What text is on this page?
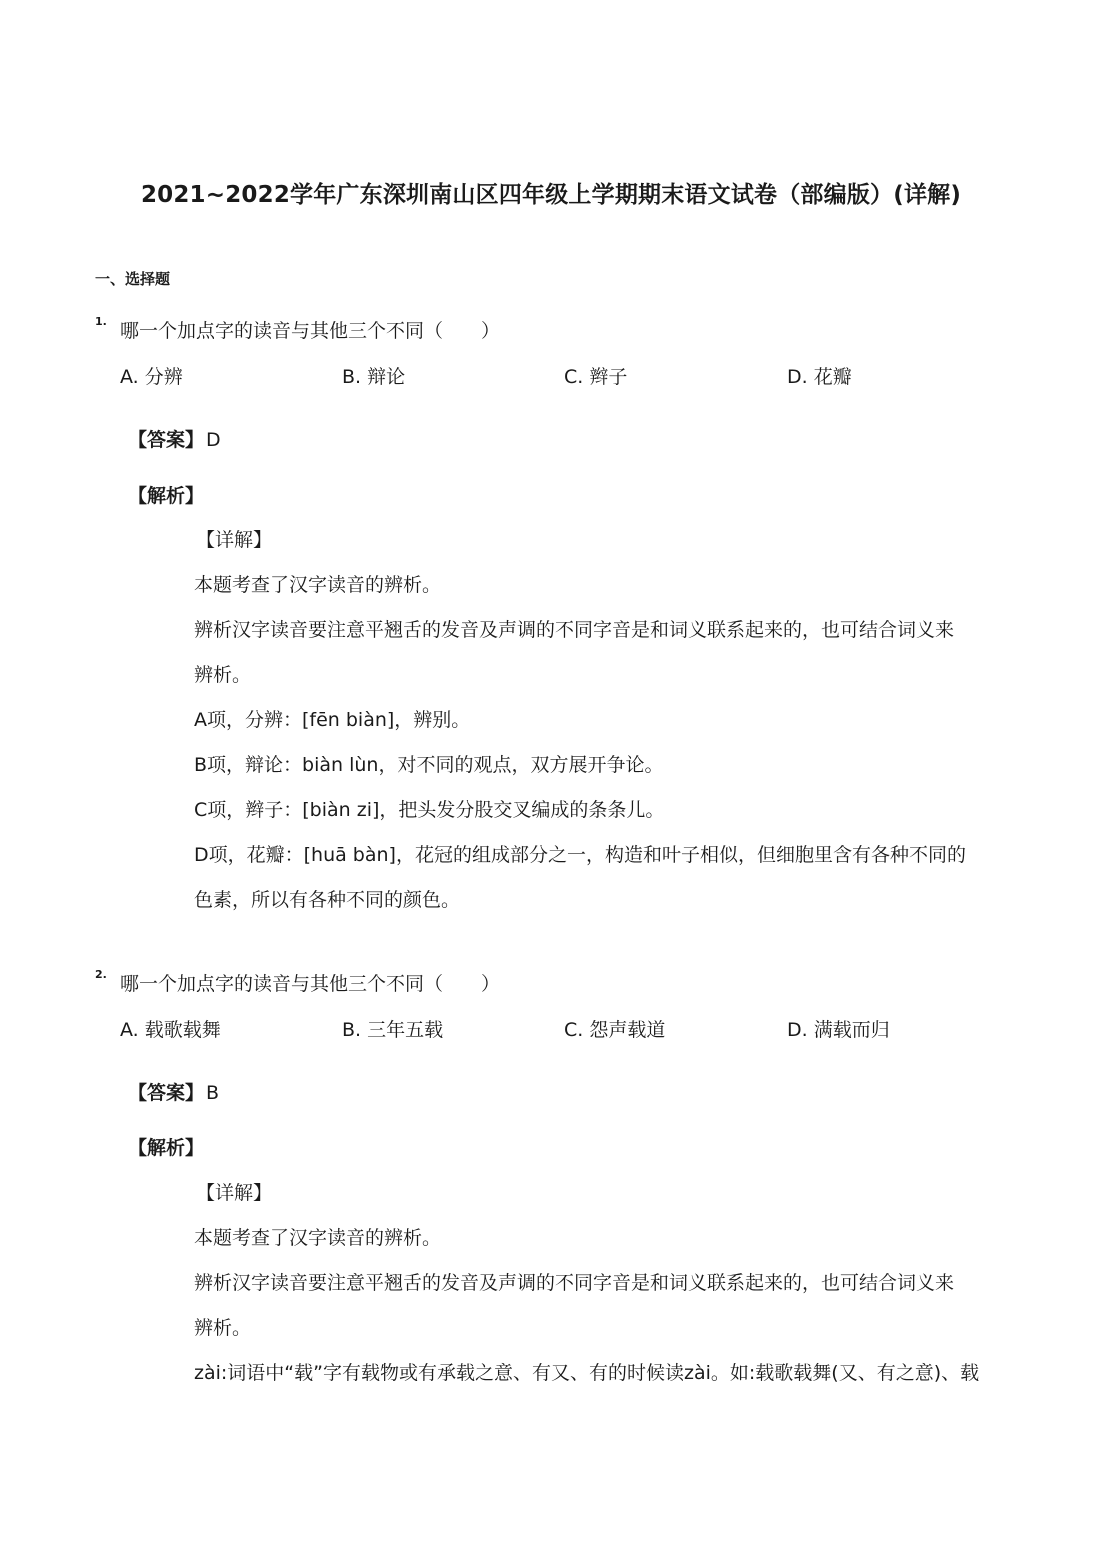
2021~2022学年广东深圳南山区四年级上学期期末语文试卷（部编版）(详解)
一、选择题
1. 哪一个加点字的读音与其他三个不同（　　）
A. 分辨	B. 辩论	C. 辫子	D. 花瓣
【答案】 D
【解析】
【详解】
本题考查了汉字读音的辨析。
辨析汉字读音要注意平翘舌的发音及声调的不同字音是和词义联系起来的，也可结合词义来
辨析。
A项，分辨：[fēn biàn]，辨别。
B项，辩论：biàn lùn，对不同的观点，双方展开争论。
C项，辫子：[biàn zi]，把头发分股交叉编成的条条儿。
D项，花瓣：[huā bàn]，花冠的组成部分之一，构造和叶子相似，但细胞里含有各种不同的
色素，所以有各种不同的颜色。
2. 哪一个加点字的读音与其他三个不同（　　）
A. 载歌载舞	B. 三年五载	C. 怨声载道	D. 满载而归
【答案】 B
【解析】
【详解】
本题考查了汉字读音的辨析。
辨析汉字读音要注意平翘舌的发音及声调的不同字音是和词义联系起来的，也可结合词义来
辨析。
zài:词语中“载”字有载物或有承载之意、有又、有的时候读zài。如:载歌载舞(又、有之意)、载
